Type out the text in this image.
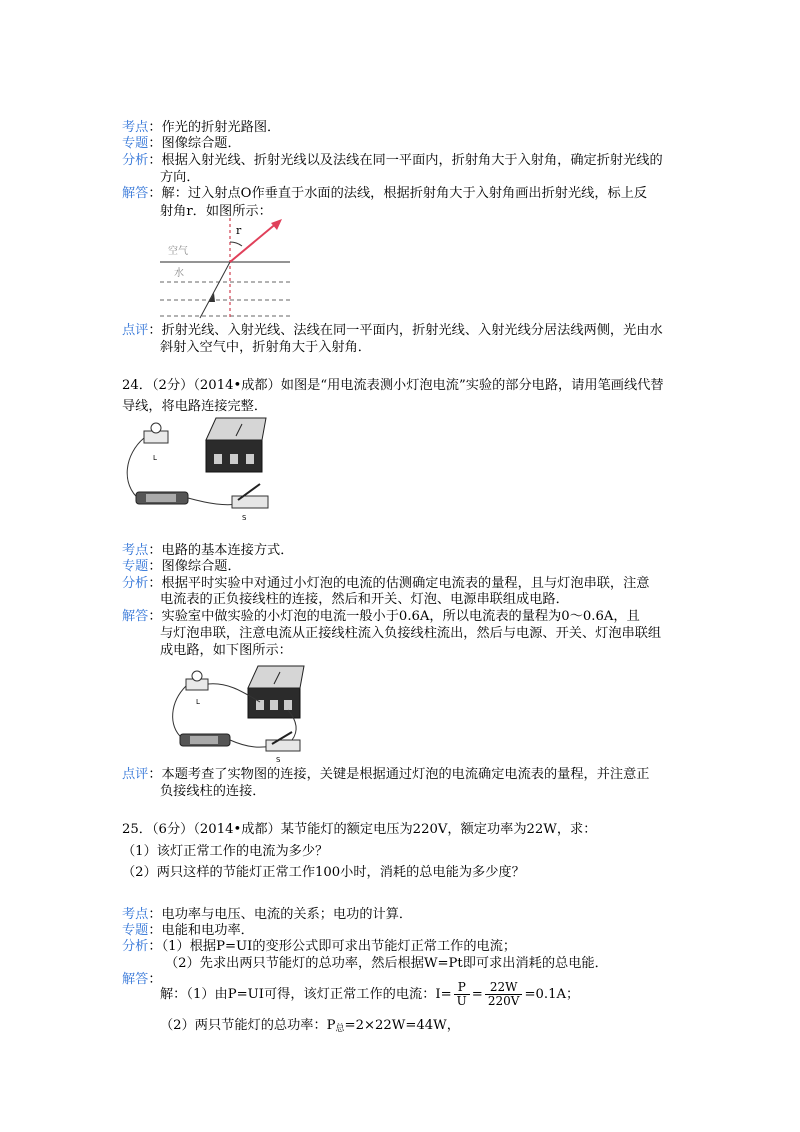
考点：作光的折射光路图．
专题：图像综合题．
分析：根据入射光线、折射光线以及法线在同一平面内，折射角大于入射角，确定折射光线的
方向．
解答：解：过入射点O作垂直于水面的法线，根据折射角大于入射角画出折射光线，标上反
射角r．如图所示：
r
空气
水
点评：折射光线、入射光线、法线在同一平面内，折射光线、入射光线分居法线两侧，光由水
斜射入空气中，折射角大于入射角．
24．（2分）（2014•成都）如图是“用电流表测小灯泡电流”实验的部分电路，请用笔画线代替
导线，将电路连接完整．
L
S
考点：电路的基本连接方式．
专题：图像综合题．
分析：根据平时实验中对通过小灯泡的电流的估测确定电流表的量程，且与灯泡串联，注意
电流表的正负接线柱的连接，然后和开关、灯泡、电源串联组成电路．
解答：实验室中做实验的小灯泡的电流一般小于0.6A，所以电流表的量程为0～0.6A，且
与灯泡串联，注意电流从正接线柱流入负接线柱流出，然后与电源、开关、灯泡串联组
成电路，如下图所示：
L
S
点评：本题考查了实物图的连接，关键是根据通过灯泡的电流确定电流表的量程，并注意正
负接线柱的连接．
25．（6分）（2014•成都）某节能灯的额定电压为220V，额定功率为22W，求：
（1）该灯正常工作的电流为多少？
（2）两只这样的节能灯正常工作100小时，消耗的总电能为多少度？
考点：电功率与电压、电流的关系；电功的计算．
专题：电能和电功率．
分析：（1）根据P=UI的变形公式即可求出节能灯正常工作的电流；
（2）先求出两只节能灯的总功率，然后根据W=Pt即可求出消耗的总电能．
解答：
解：（1）由P=UI可得，该灯正常工作的电流：$I= \frac{P}{U} = \frac{22W}{220V} =0.1A$；
（2）两只节能灯的总功率：$P_总=2\times 22W=44W$，
